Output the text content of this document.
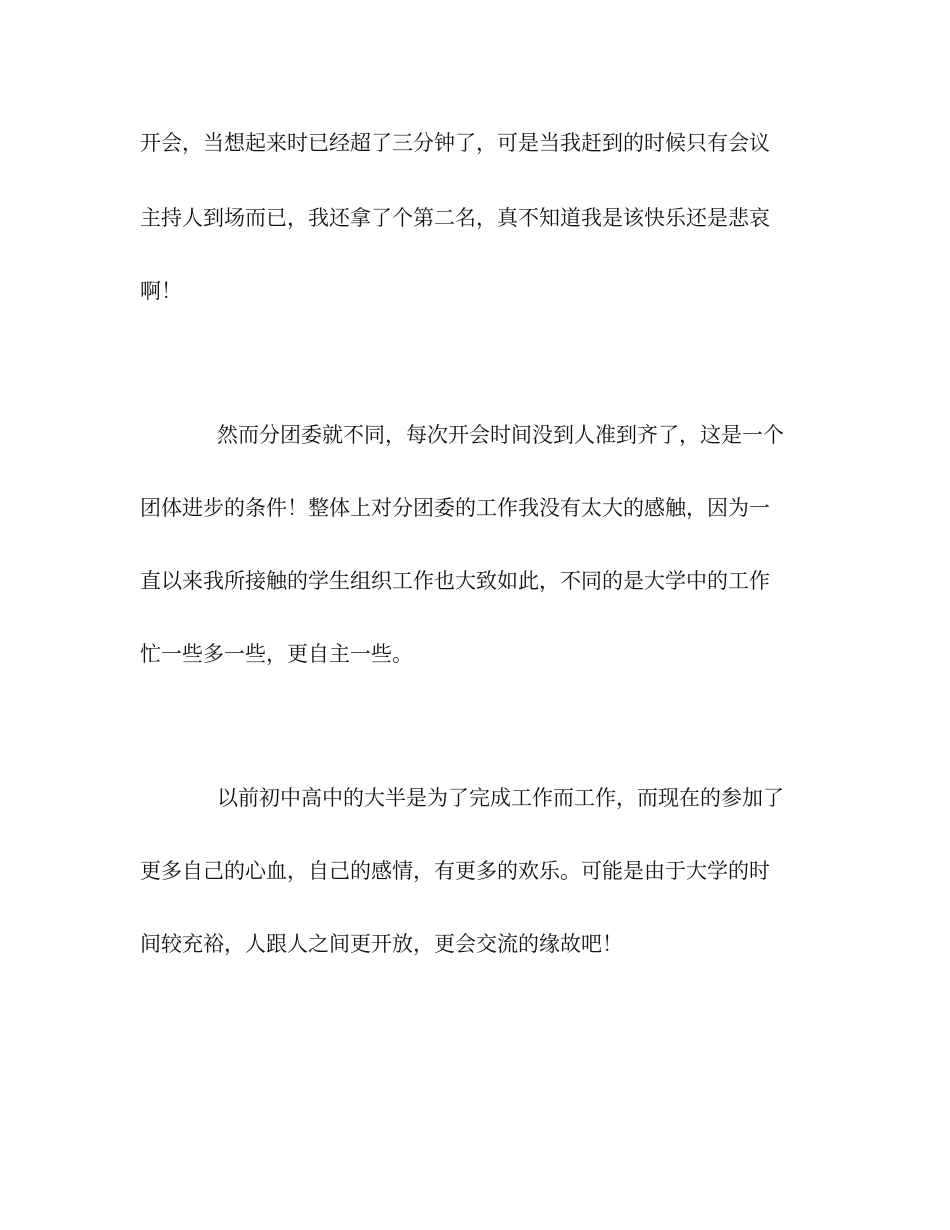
开会，当想起来时已经超了三分钟了，可是当我赶到的时候只有会议
主持人到场而已，我还拿了个第二名，真不知道我是该快乐还是悲哀
啊！
然而分团委就不同，每次开会时间没到人准到齐了，这是一个
团体进步的条件！整体上对分团委的工作我没有太大的感触，因为一
直以来我所接触的学生组织工作也大致如此，不同的是大学中的工作
忙一些多一些，更自主一些。
以前初中高中的大半是为了完成工作而工作，而现在的参加了
更多自己的心血，自己的感情，有更多的欢乐。可能是由于大学的时
间较充裕，人跟人之间更开放，更会交流的缘故吧！
